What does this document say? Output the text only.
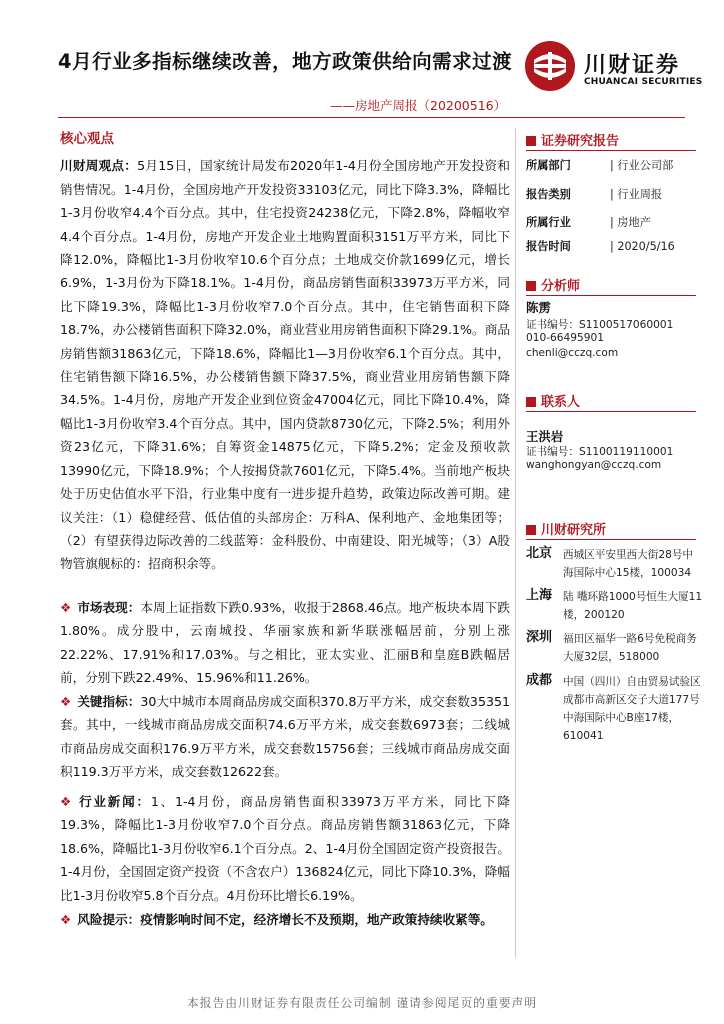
4月行业多指标继续改善，地方政策供给向需求过渡
——房地产周报（20200516）
川财证券
CHUANCAI SECURITIES
核心观点

川财周观点：5月15日，国家统计局发布2020年1-4月份全国房地产开发投资和销售情况。1-4月份，全国房地产开发投资33103亿元，同比下降3.3%，降幅比1-3月份收窄4.4个百分点。其中，住宅投资24238亿元，下降2.8%，降幅收窄4.4个百分点。1-4月份，房地产开发企业土地购置面积3151万平方米，同比下降12.0%，降幅比1-3月份收窄10.6个百分点；土地成交价款1699亿元，增长6.9%，1-3月份为下降18.1%。1-4月份，商品房销售面积33973万平方米，同比下降19.3%，降幅比1-3月份收窄7.0个百分点。其中，住宅销售面积下降18.7%，办公楼销售面积下降32.0%，商业营业用房销售面积下降29.1%。商品房销售额31863亿元，下降18.6%，降幅比1—3月份收窄6.1个百分点。其中，住宅销售额下降16.5%，办公楼销售额下降37.5%，商业营业用房销售额下降34.5%。1-4月份，房地产开发企业到位资金47004亿元，同比下降10.4%，降幅比1-3月份收窄3.4个百分点。其中，国内贷款8730亿元，下降2.5%；利用外资23亿元，下降31.6%；自筹资金14875亿元，下降5.2%；定金及预收款13990亿元，下降18.9%；个人按揭贷款7601亿元，下降5.4%。当前地产板块处于历史估值水平下沿，行业集中度有一进步提升趋势，政策边际改善可期。建议关注：（1）稳健经营、低估值的头部房企：万科A、保利地产、金地集团等；（2）有望获得边际改善的二线蓝筹：金科股份、中南建设、阳光城等；（3）A股物管旗舰标的：招商积余等。

❖ 市场表现：本周上证指数下跌0.93%，收报于2868.46点。地产板块本周下跌1.80%。成分股中，云南城投、华丽家族和新华联涨幅居前，分别上涨22.22%、17.91%和17.03%。与之相比，亚太实业、汇丽B和皇庭B跌幅居前，分别下跌22.49%、15.96%和11.26%。
❖ 关键指标：30大中城市本周商品房成交面积370.8万平方米，成交套数35351套。其中，一线城市商品房成交面积74.6万平方米，成交套数6973套；二线城市商品房成交面积176.9万平方米，成交套数15756套；三线城市商品房成交面积119.3万平方米，成交套数12622套。
❖ 行业新闻：1、1-4月份，商品房销售面积33973万平方米，同比下降19.3%，降幅比1-3月份收窄7.0个百分点。商品房销售额31863亿元，下降18.6%，降幅比1-3月份收窄6.1个百分点。2、1-4月份全国固定资产投资报告。1-4月份，全国固定资产投资（不含农户）136824亿元，同比下降10.3%，降幅比1-3月份收窄5.8个百分点。4月份环比增长6.19%。
❖ 风险提示：疫情影响时间不定，经济增长不及预期，地产政策持续收紧等。
证券研究报告
所属部门	| 行业公司部
报告类别	| 行业周报
所属行业	| 房地产
报告时间	| 2020/5/16
分析师
陈雳
证书编号：S1100517060001
010-66495901
chenli@cczq.com
联系人
王洪岩
证书编号：S1100119110001
wanghongyan@cczq.com
川财研究所
北京 西城区平安里西大街28号中海国际中心15楼，100034
上海 陆 嘴环路1000号恒生大厦11楼，200120
深圳 福田区福华一路6号免税商务大厦32层，518000
成都 中国（四川）自由贸易试验区成都市高新区交子大道177号中海国际中心B座17楼，610041
本报告由川财证券有限责任公司编制 谨请参阅尾页的重要声明
